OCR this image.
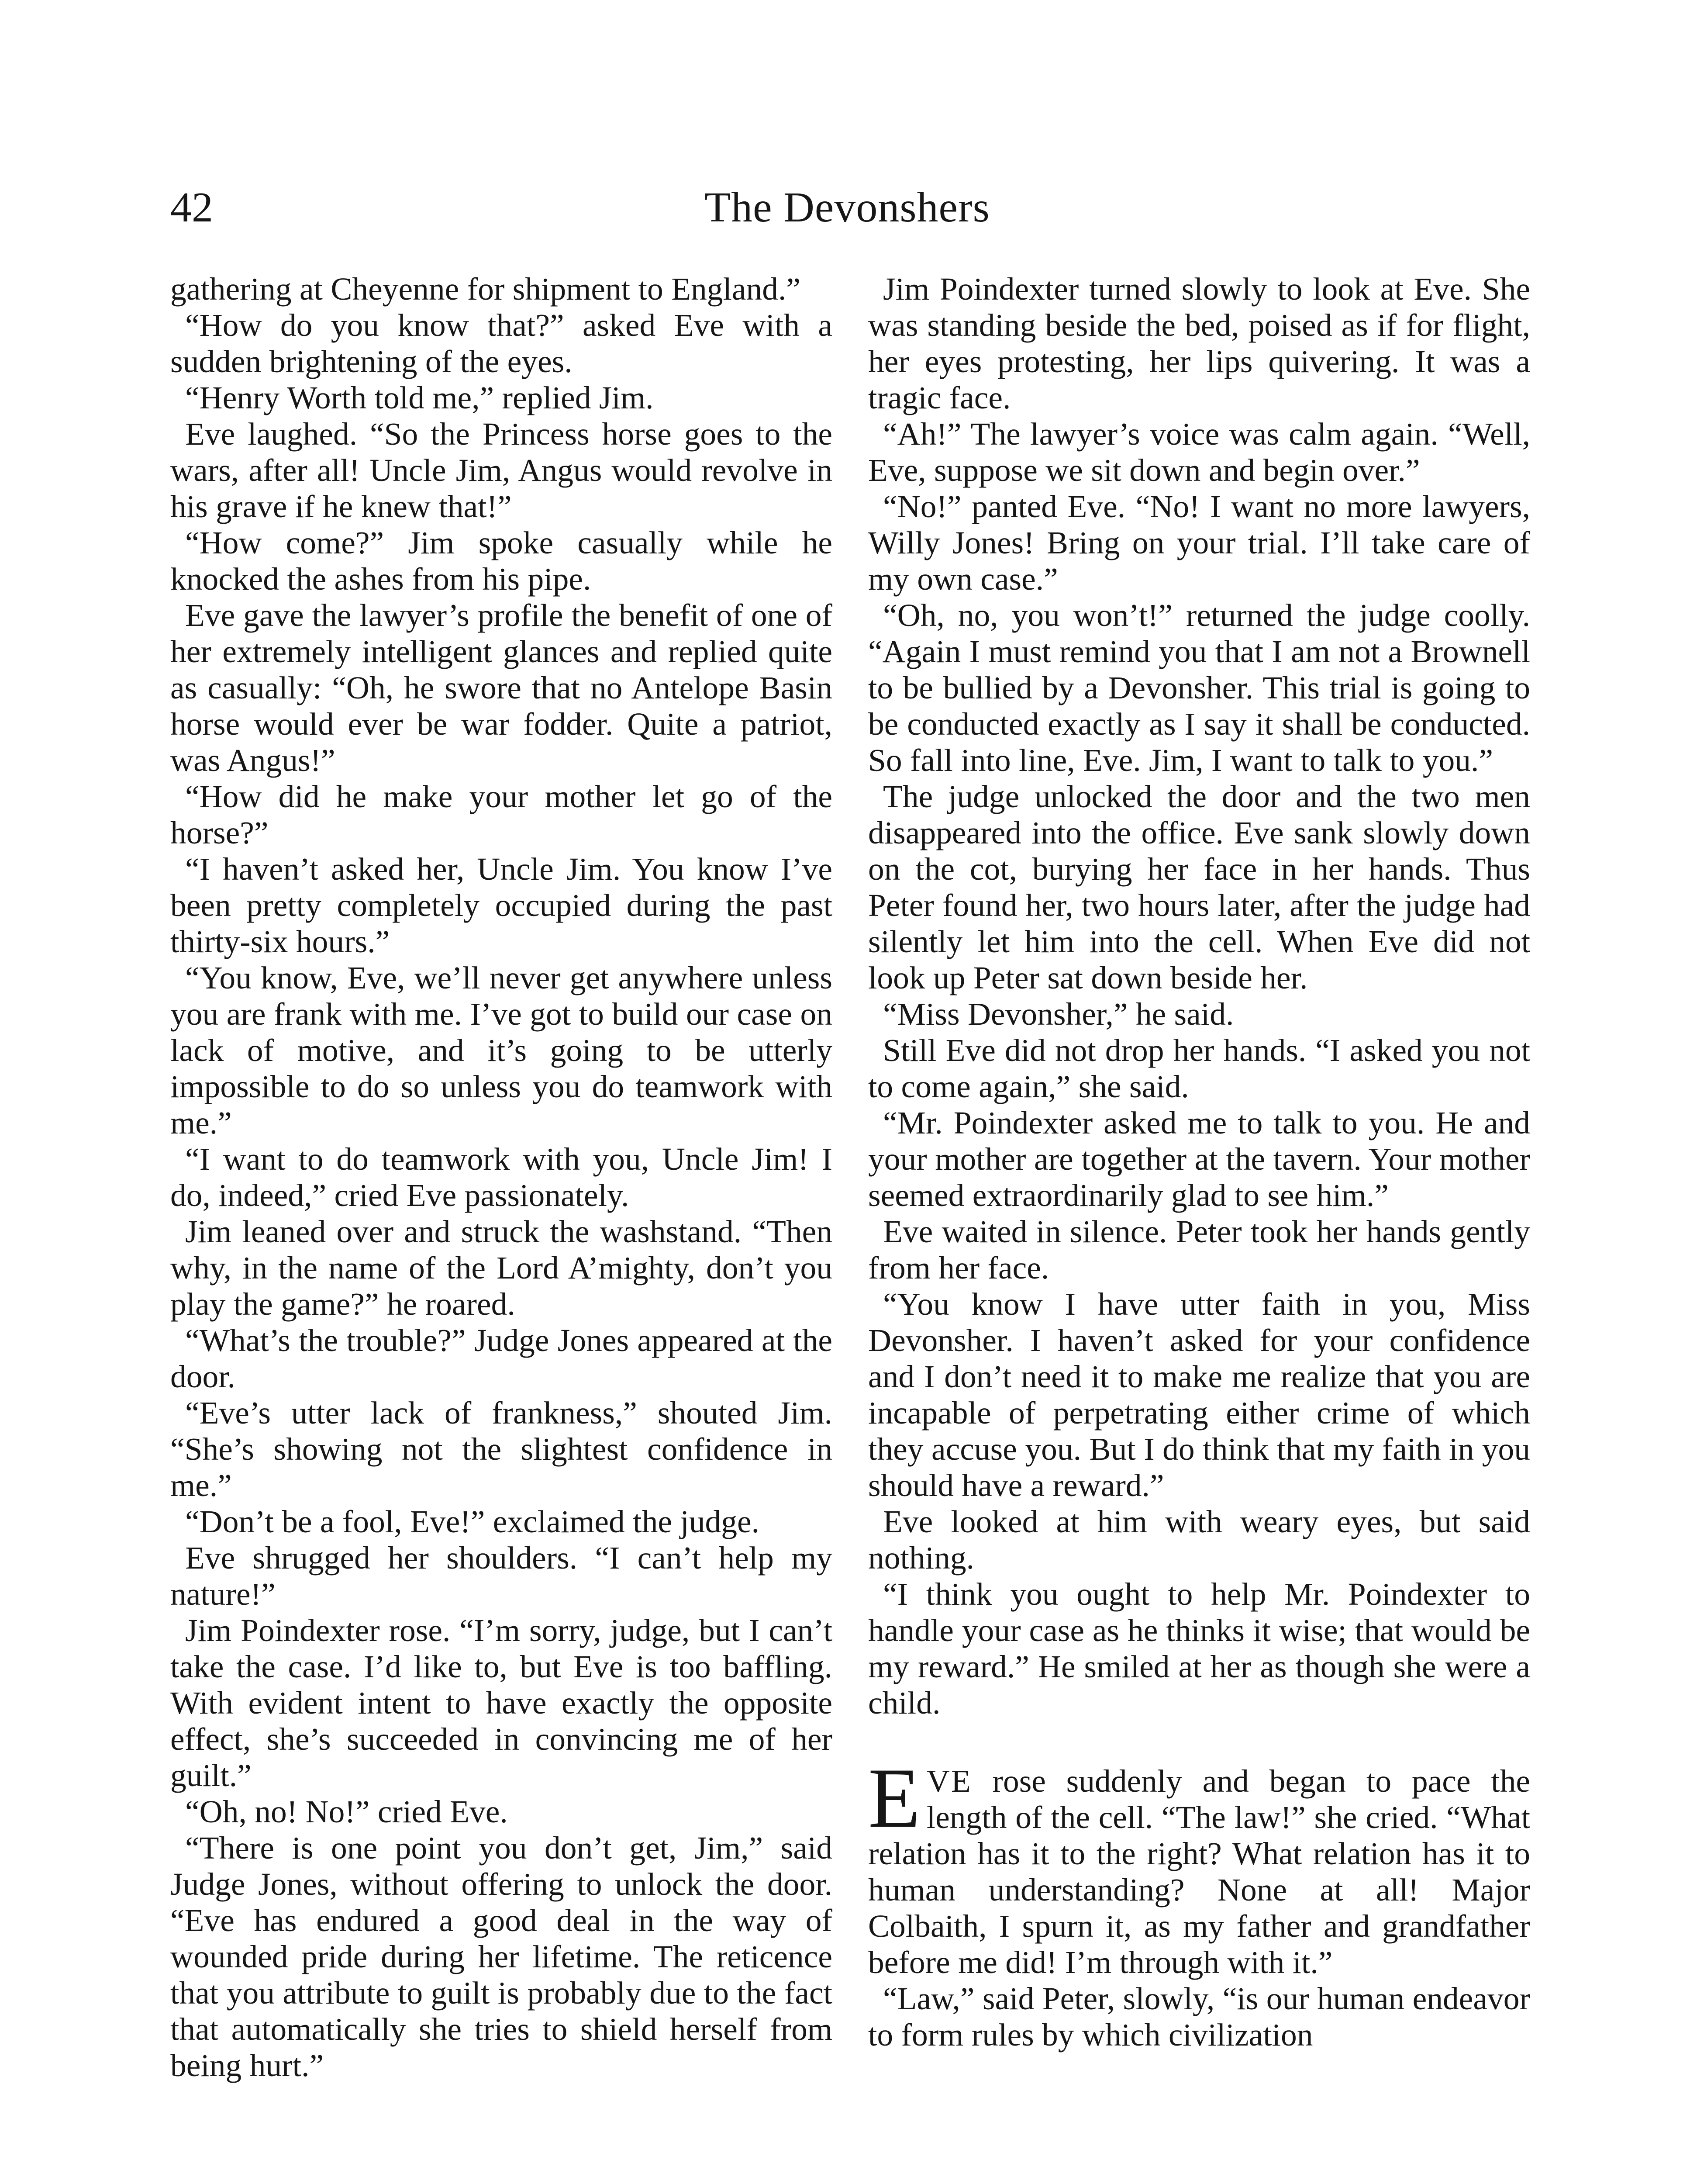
42	The Devonshers

gathering at Cheyenne for shipment to England.”

“How do you know that?” asked Eve with a sudden brightening of the eyes.

“Henry Worth told me,” replied Jim.

Eve laughed. “So the Princess horse goes to the wars, after all! Uncle Jim, Angus would revolve in his grave if he knew that!”

“How come?” Jim spoke casually while he knocked the ashes from his pipe.

Eve gave the lawyer’s profile the benefit of one of her extremely intelligent glances and replied quite as casually: “Oh, he swore that no Antelope Basin horse would ever be war fodder. Quite a patriot, was Angus!”

“How did he make your mother let go of the horse?”

“I haven’t asked her, Uncle Jim. You know I’ve been pretty completely occupied during the past thirty-six hours.”

“You know, Eve, we’ll never get anywhere unless you are frank with me. I’ve got to build our case on lack of motive, and it’s going to be utterly impossible to do so unless you do teamwork with me.”

“I want to do teamwork with you, Uncle Jim! I do, indeed,” cried Eve passionately.

Jim leaned over and struck the washstand. “Then why, in the name of the Lord A’mighty, don’t you play the game?” he roared.

“What’s the trouble?” Judge Jones appeared at the door.

“Eve’s utter lack of frankness,” shouted Jim. “She’s showing not the slightest confidence in me.”

“Don’t be a fool, Eve!” exclaimed the judge.

Eve shrugged her shoulders. “I can’t help my nature!”

Jim Poindexter rose. “I’m sorry, judge, but I can’t take the case. I’d like to, but Eve is too baffling. With evident intent to have exactly the opposite effect, she’s succeeded in convincing me of her guilt.”

“Oh, no! No!” cried Eve.

“There is one point you don’t get, Jim,” said Judge Jones, without offering to unlock the door. “Eve has endured a good deal in the way of wounded pride during her lifetime. The reticence that you attribute to guilt is probably due to the fact that automatically she tries to shield herself from being hurt.”

Jim Poindexter turned slowly to look at Eve. She was standing beside the bed, poised as if for flight, her eyes protesting, her lips quivering. It was a tragic face.

“Ah!” The lawyer’s voice was calm again. “Well, Eve, suppose we sit down and begin over.”

“No!” panted Eve. “No! I want no more lawyers, Willy Jones! Bring on your trial. I’ll take care of my own case.”

“Oh, no, you won’t!” returned the judge coolly. “Again I must remind you that I am not a Brownell to be bullied by a Devonsher. This trial is going to be conducted exactly as I say it shall be conducted. So fall into line, Eve. Jim, I want to talk to you.”

The judge unlocked the door and the two men disappeared into the office. Eve sank slowly down on the cot, burying her face in her hands. Thus Peter found her, two hours later, after the judge had silently let him into the cell. When Eve did not look up Peter sat down beside her.

“Miss Devonsher,” he said.

Still Eve did not drop her hands. “I asked you not to come again,” she said.

“Mr. Poindexter asked me to talk to you. He and your mother are together at the tavern. Your mother seemed extraordinarily glad to see him.”

Eve waited in silence. Peter took her hands gently from her face.

“You know I have utter faith in you, Miss Devonsher. I haven’t asked for your confidence and I don’t need it to make me realize that you are incapable of perpetrating either crime of which they accuse you. But I do think that my faith in you should have a reward.”

Eve looked at him with weary eyes, but said nothing.

“I think you ought to help Mr. Poindexter to handle your case as he thinks it wise; that would be my reward.” He smiled at her as though she were a child.

EVE rose suddenly and began to pace the length of the cell. “The law!” she cried. “What relation has it to the right? What relation has it to human understanding? None at all! Major Colbaith, I spurn it, as my father and grandfather before me did! I’m through with it.”

“Law,” said Peter, slowly, “is our human endeavor to form rules by which civilization
